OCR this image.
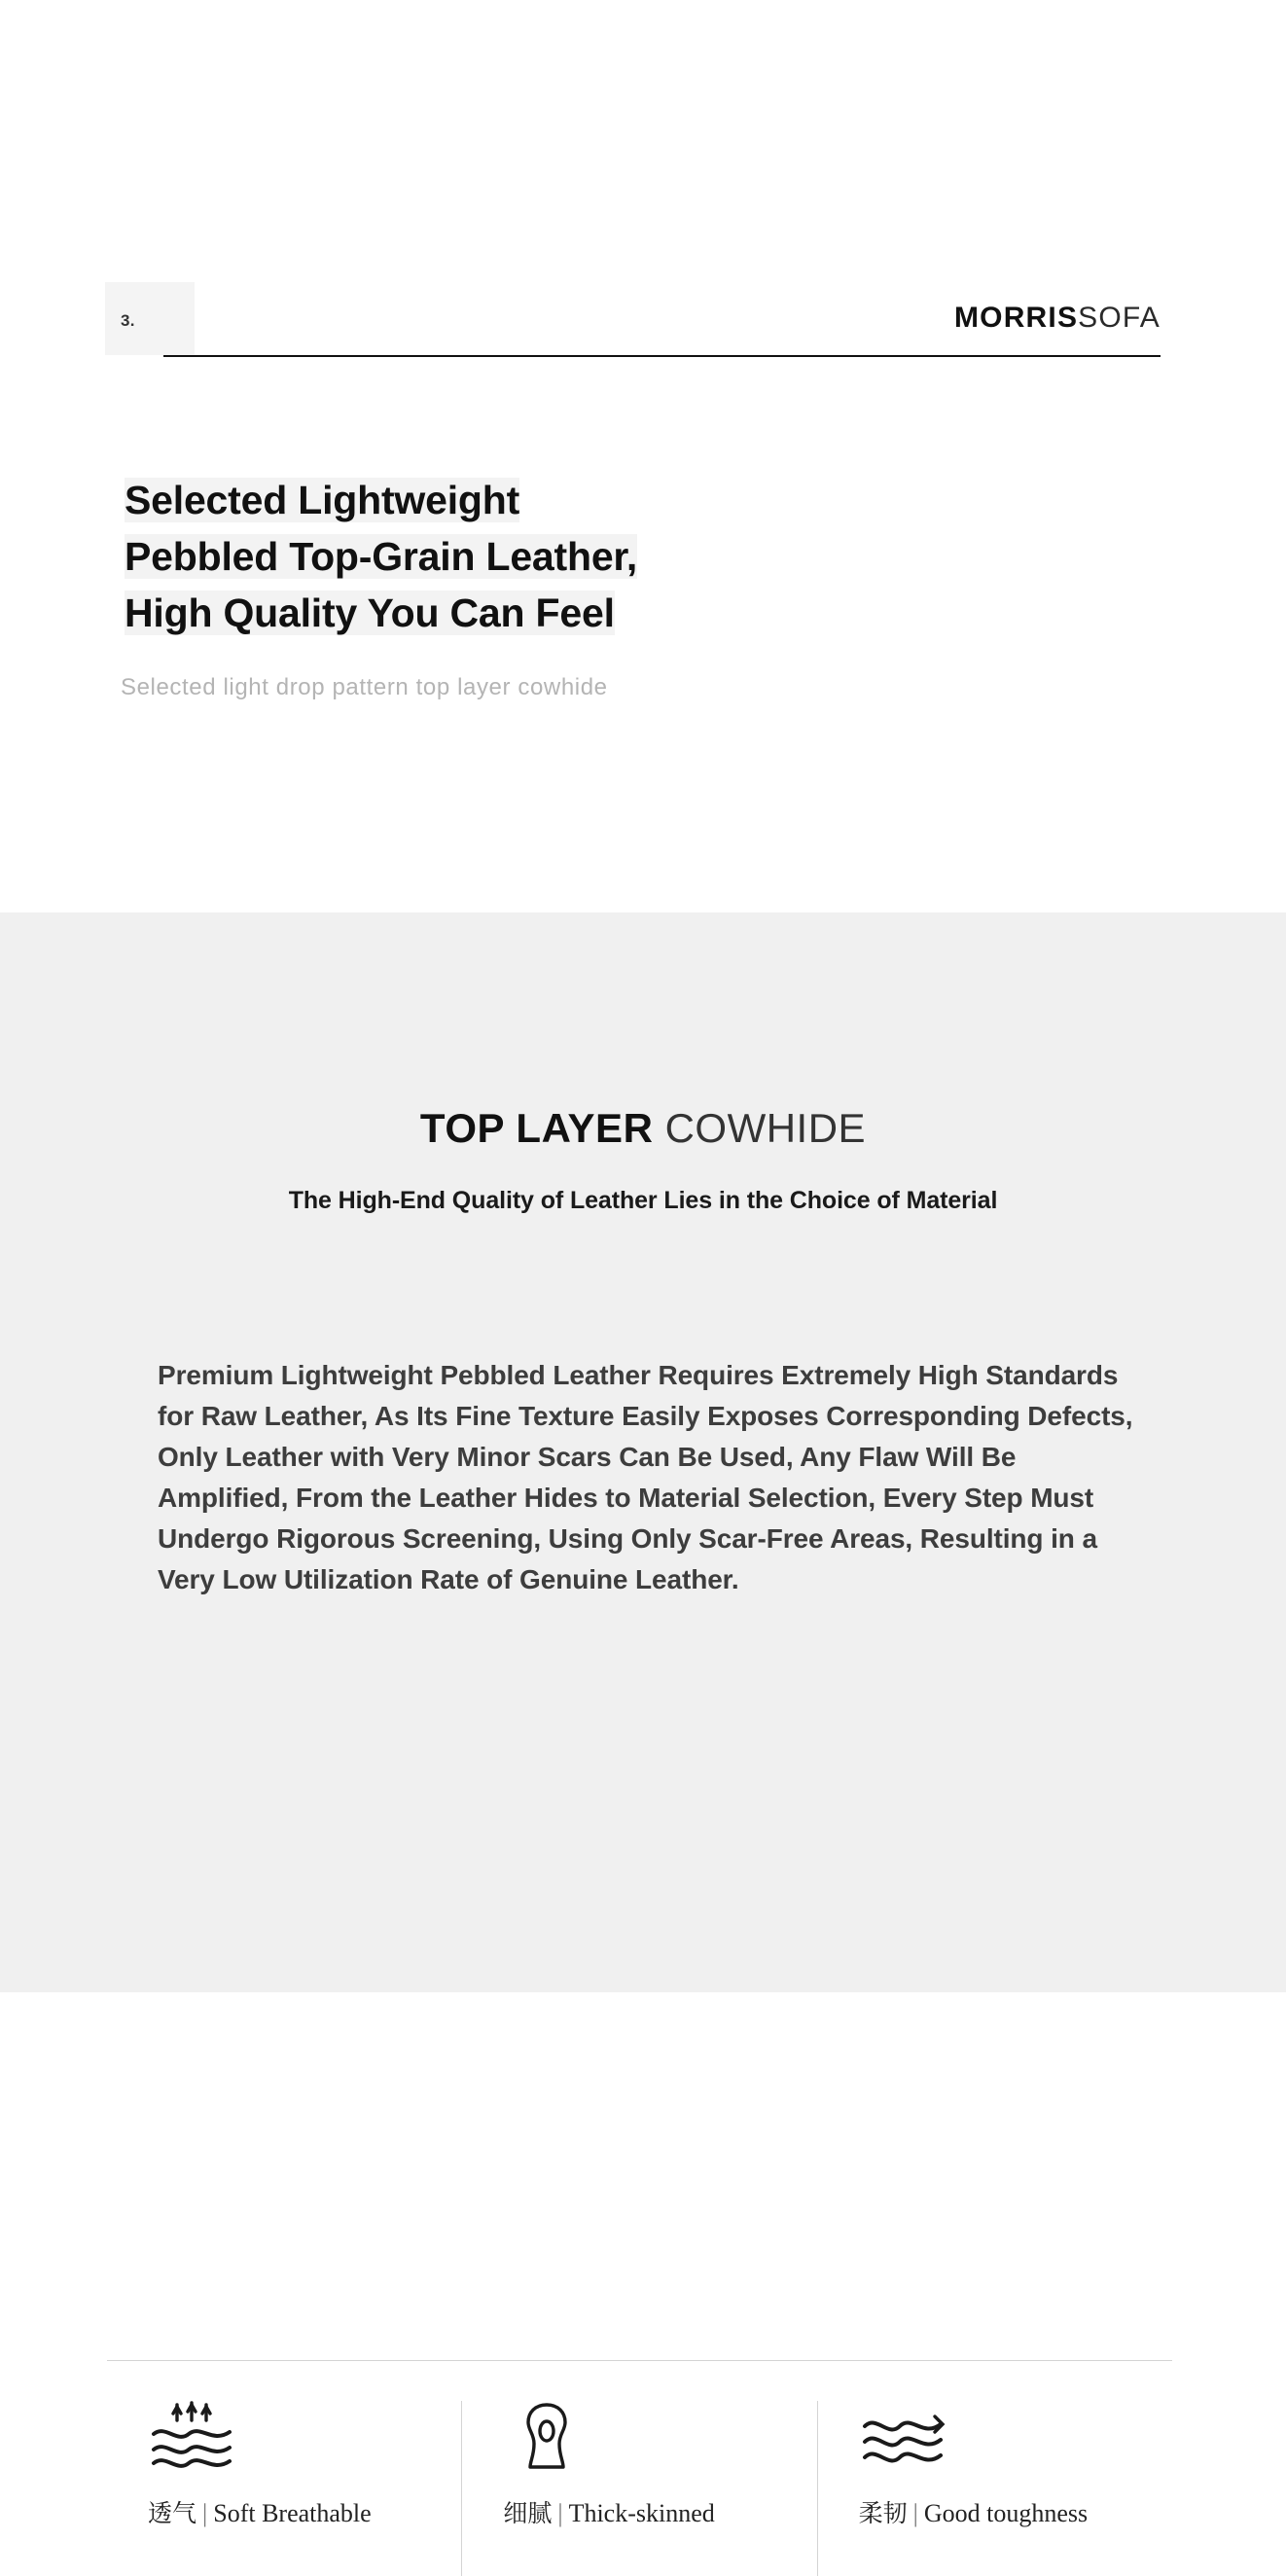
3.	MORRISSOFA
Selected Lightweight
Pebbled Top-Grain Leather,
High Quality You Can Feel
Selected light drop pattern top layer cowhide
TOP LAYER COWHIDE
The High-End Quality of Leather Lies in the Choice of Material
Premium Lightweight Pebbled Leather Requires Extremely High Standards for Raw Leather, As Its Fine Texture Easily Exposes Corresponding Defects, Only Leather with Very Minor Scars Can Be Used, Any Flaw Will Be Amplified, From the Leather Hides to Material Selection, Every Step Must Undergo Rigorous Screening, Using Only Scar-Free Areas, Resulting in a Very Low Utilization Rate of Genuine Leather.
透气 | Soft Breathable	细腻 | Thick-skinned	柔韧 | Good toughness
